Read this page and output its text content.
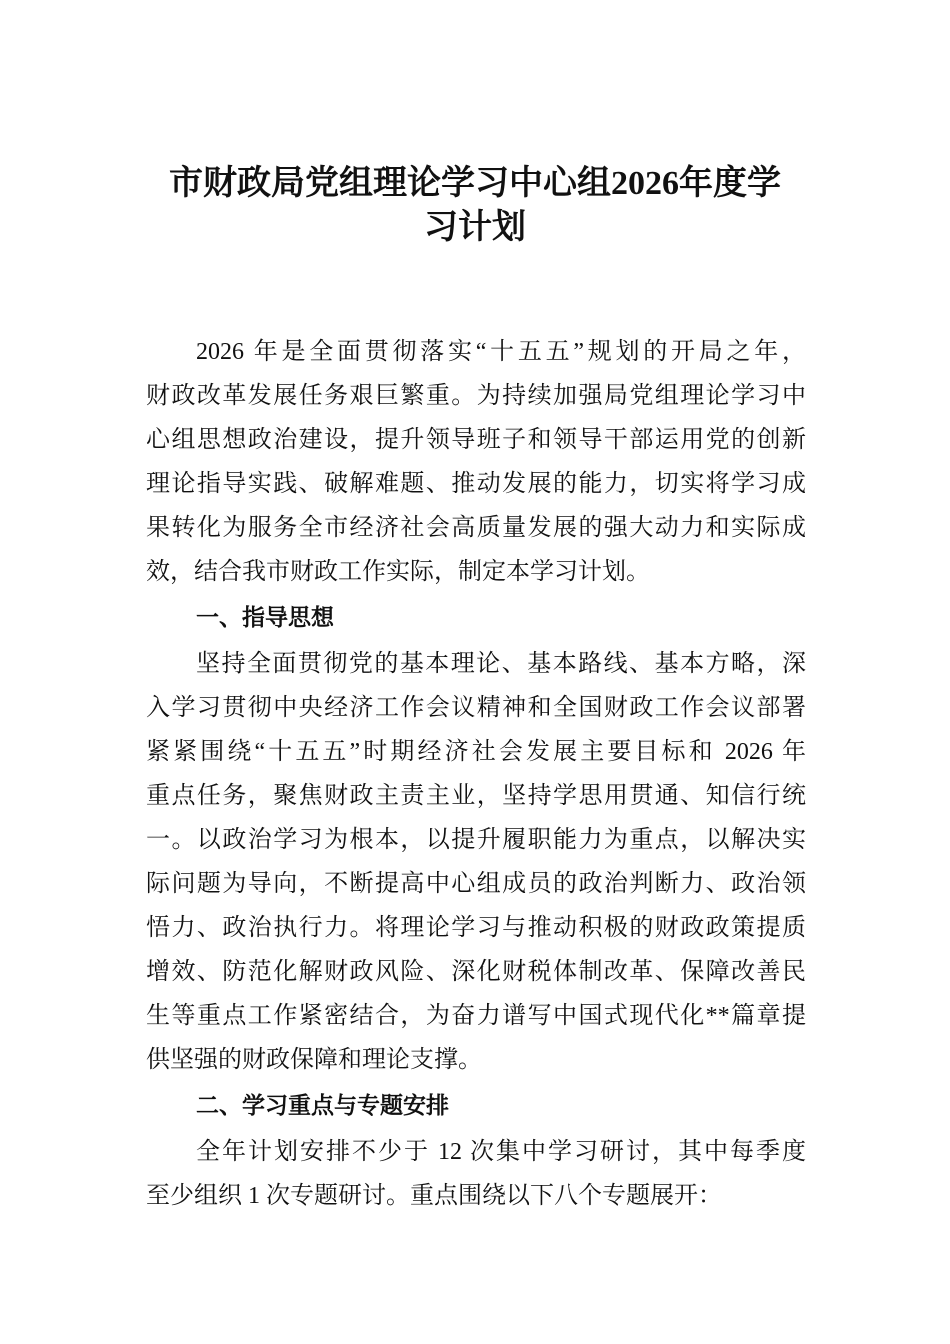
市财政局党组理论学习中心组2026年度学
习计划
2026 年是全面贯彻落实“十五五”规划的开局之年，
财政改革发展任务艰巨繁重。为持续加强局党组理论学习中
心组思想政治建设，提升领导班子和领导干部运用党的创新
理论指导实践、破解难题、推动发展的能力，切实将学习成
果转化为服务全市经济社会高质量发展的强大动力和实际成
效，结合我市财政工作实际，制定本学习计划。
一、指导思想
坚持全面贯彻党的基本理论、基本路线、基本方略，深
入学习贯彻中央经济工作会议精神和全国财政工作会议部署
紧紧围绕“十五五”时期经济社会发展主要目标和 2026 年
重点任务，聚焦财政主责主业，坚持学思用贯通、知信行统
一。以政治学习为根本，以提升履职能力为重点，以解决实
际问题为导向，不断提高中心组成员的政治判断力、政治领
悟力、政治执行力。将理论学习与推动积极的财政政策提质
增效、防范化解财政风险、深化财税体制改革、保障改善民
生等重点工作紧密结合，为奋力谱写中国式现代化**篇章提
供坚强的财政保障和理论支撑。
二、学习重点与专题安排
全年计划安排不少于 12 次集中学习研讨，其中每季度
至少组织 1 次专题研讨。重点围绕以下八个专题展开：
